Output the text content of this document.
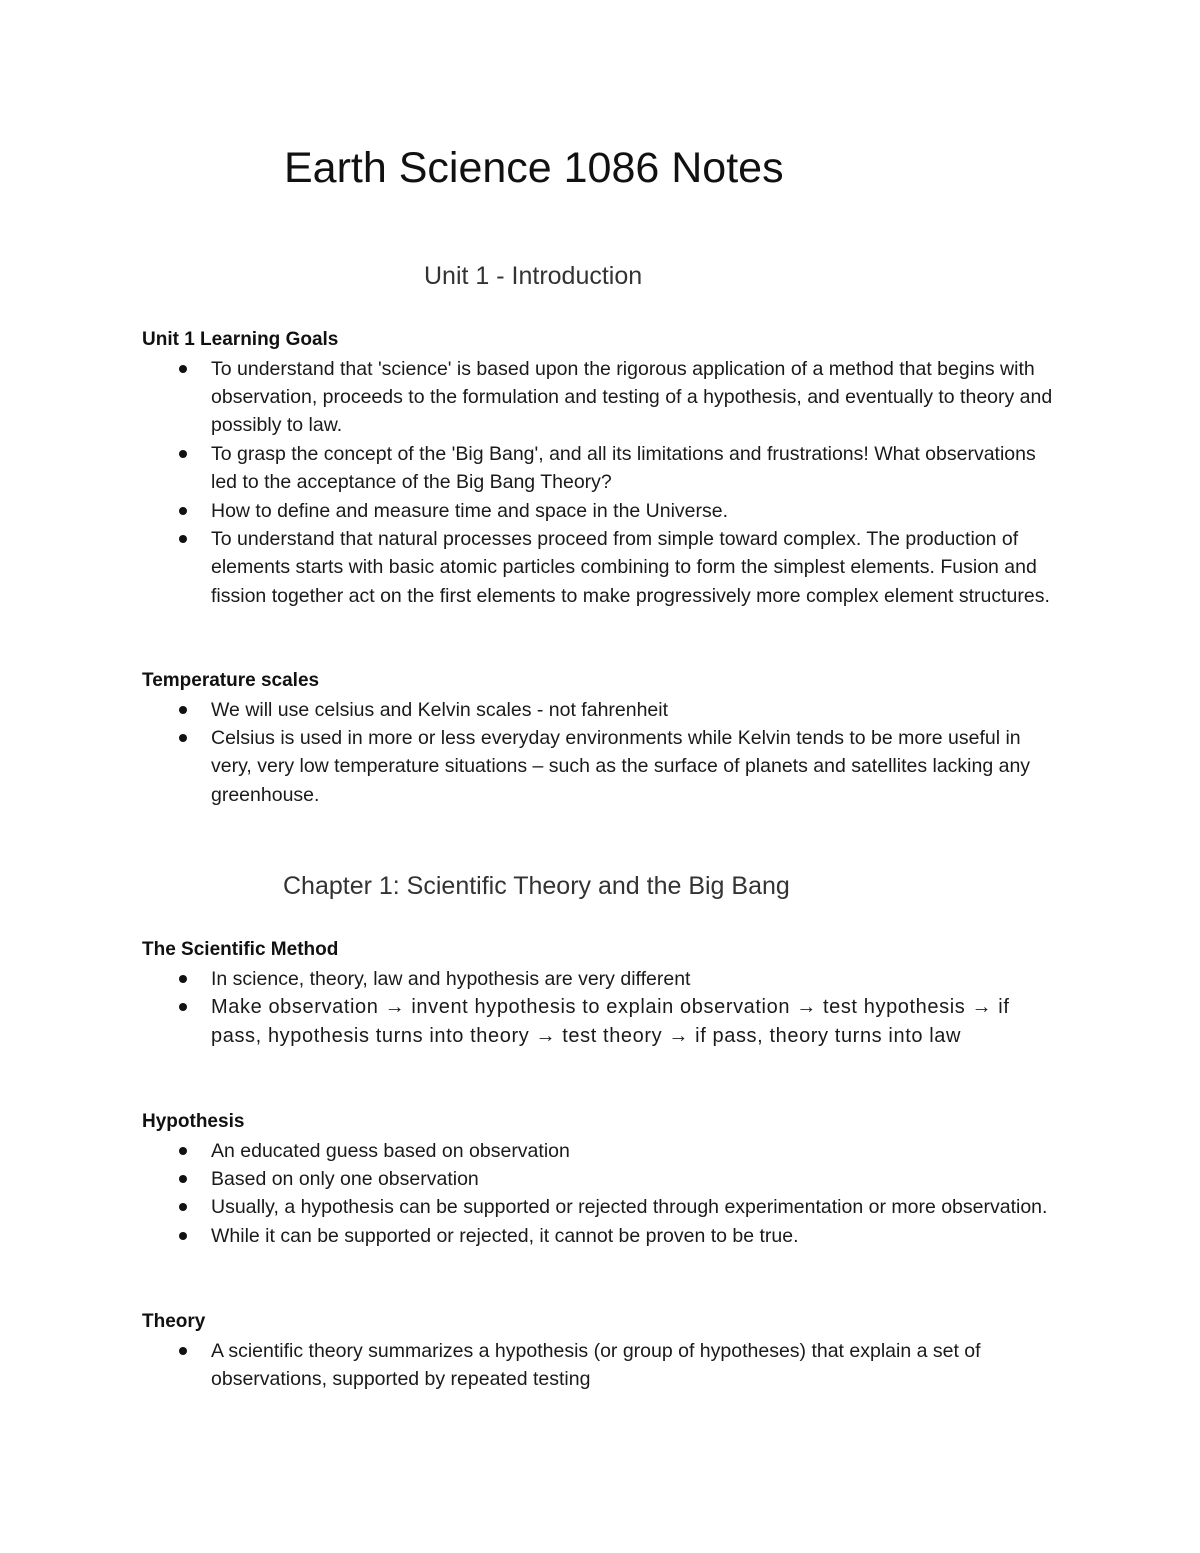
Earth Science 1086 Notes
Unit 1 - Introduction

Unit 1 Learning Goals

To understand that 'science' is based upon the rigorous application of a method that begins with observation, proceeds to the formulation and testing of a hypothesis, and eventually to theory and possibly to law.
To grasp the concept of the 'Big Bang', and all its limitations and frustrations! What observations led to the acceptance of the Big Bang Theory?
How to define and measure time and space in the Universe.
To understand that natural processes proceed from simple toward complex. The production of elements starts with basic atomic particles combining to form the simplest elements. Fusion and fission together act on the first elements to make progressively more complex element structures.

Temperature scales

We will use celsius and Kelvin scales - not fahrenheit
Celsius is used in more or less everyday environments while Kelvin tends to be more useful in very, very low temperature situations – such as the surface of planets and satellites lacking any greenhouse.
Chapter 1: Scientific Theory and the Big Bang

The Scientific Method

In science, theory, law and hypothesis are very different
Make observation → invent hypothesis to explain observation → test hypothesis → if pass, hypothesis turns into theory → test theory → if pass, theory turns into law

Hypothesis

An educated guess based on observation
Based on only one observation
Usually, a hypothesis can be supported or rejected through experimentation or more observation.
While it can be supported or rejected, it cannot be proven to be true.

Theory

A scientific theory summarizes a hypothesis (or group of hypotheses) that explain a set of observations, supported by repeated testing
